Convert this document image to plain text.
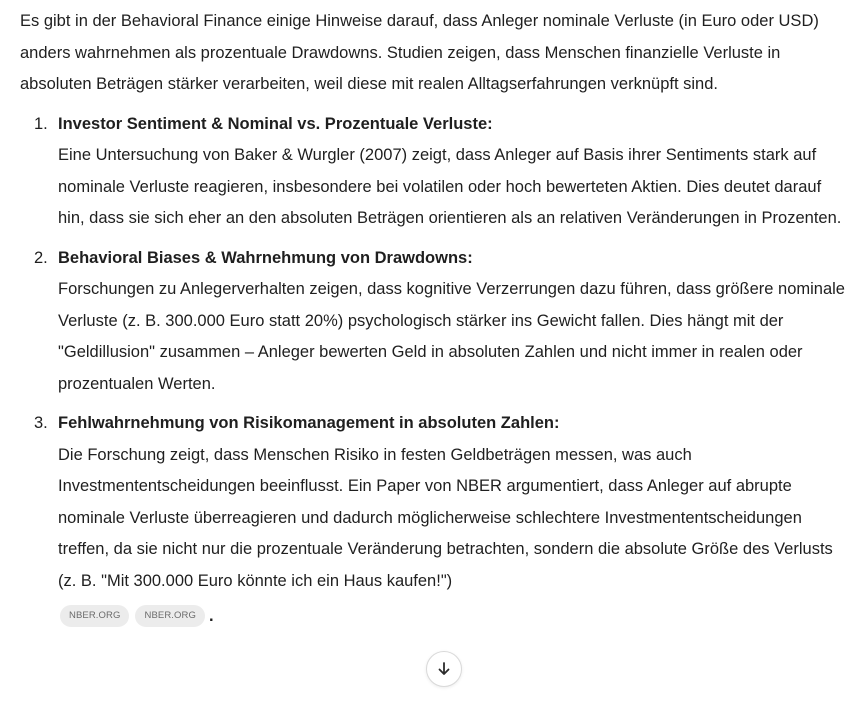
Es gibt in der Behavioral Finance einige Hinweise darauf, dass Anleger nominale Verluste (in Euro oder USD) anders wahrnehmen als prozentuale Drawdowns. Studien zeigen, dass Menschen finanzielle Verluste in absoluten Beträgen stärker verarbeiten, weil diese mit realen Alltagserfahrungen verknüpft sind.

1. Investor Sentiment & Nominal vs. Prozentuale Verluste:
Eine Untersuchung von Baker & Wurgler (2007) zeigt, dass Anleger auf Basis ihrer Sentiments stark auf nominale Verluste reagieren, insbesondere bei volatilen oder hoch bewerteten Aktien. Dies deutet darauf hin, dass sie sich eher an den absoluten Beträgen orientieren als an relativen Veränderungen in Prozenten.
2. Behavioral Biases & Wahrnehmung von Drawdowns:
Forschungen zu Anlegerverhalten zeigen, dass kognitive Verzerrungen dazu führen, dass größere nominale Verluste (z. B. 300.000 Euro statt 20%) psychologisch stärker ins Gewicht fallen. Dies hängt mit der "Geldillusion" zusammen – Anleger bewerten Geld in absoluten Zahlen und nicht immer in realen oder prozentualen Werten.
3. Fehlwahrnehmung von Risikomanagement in absoluten Zahlen:
Die Forschung zeigt, dass Menschen Risiko in festen Geldbeträgen messen, was auch Investmententscheidungen beeinflusst. Ein Paper von NBER argumentiert, dass Anleger auf abrupte nominale Verluste überreagieren und dadurch möglicherweise schlechtere Investmententscheidungen treffen, da sie nicht nur die prozentuale Veränderung betrachten, sondern die absolute Größe des Verlusts (z. B. "Mit 300.000 Euro könnte ich ein Haus kaufen!")
NBER.ORG	NBER.ORG .
